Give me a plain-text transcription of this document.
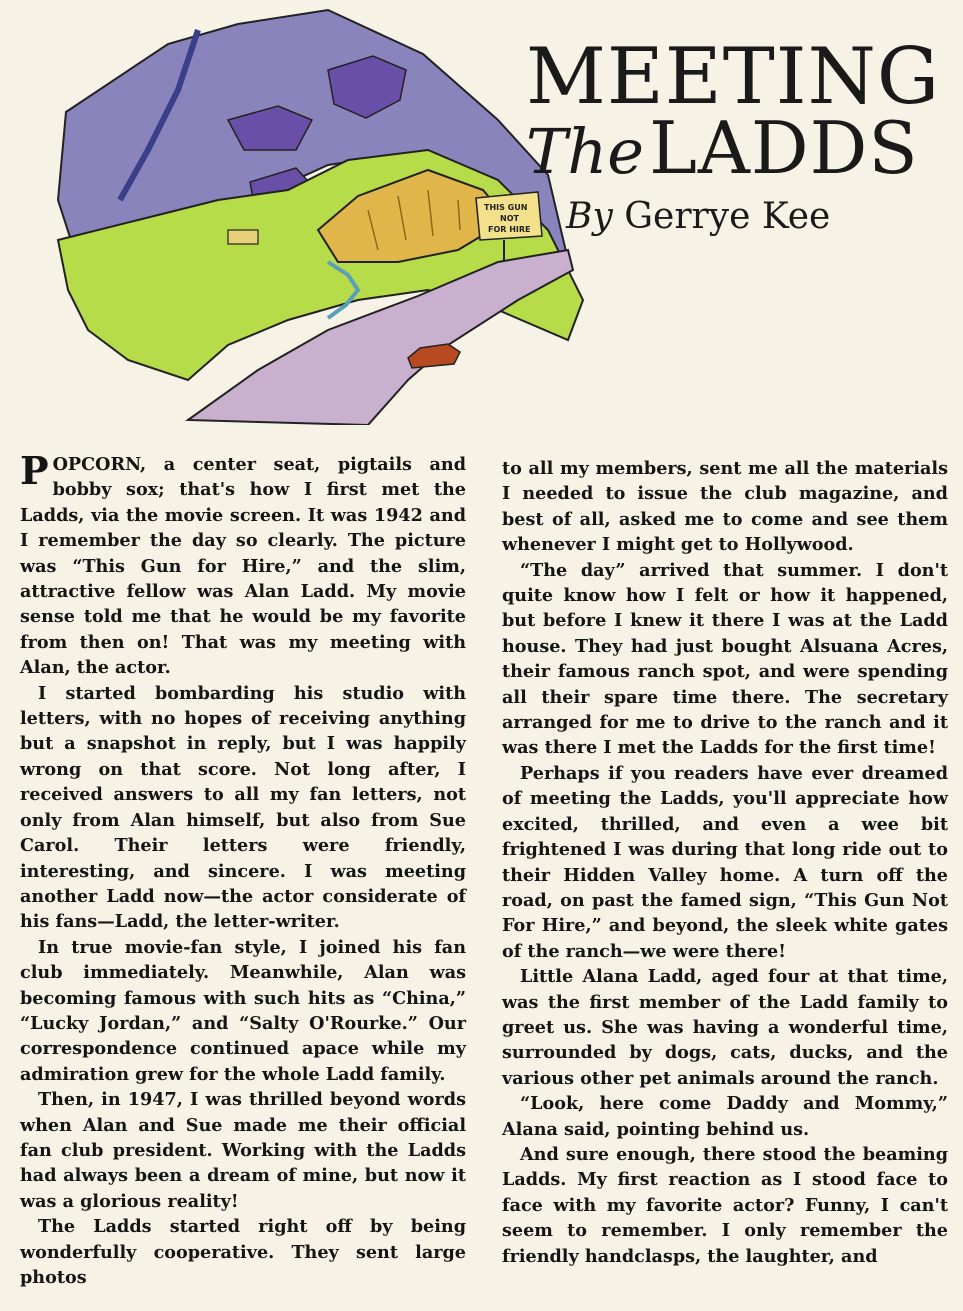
THIS GUN
NOT
FOR HIRE
MEETING
The LADDS
By Gerrye Kee

POPCORN, a center seat, pigtails and bobby sox; that's how I first met the Ladds, via the movie screen. It was 1942 and I remember the day so clearly. The picture was “This Gun for Hire,” and the slim, attractive fellow was Alan Ladd. My movie sense told me that he would be my favorite from then on! That was my meeting with Alan, the actor.

I started bombarding his studio with letters, with no hopes of receiving anything but a snapshot in reply, but I was happily wrong on that score. Not long after, I received answers to all my fan letters, not only from Alan himself, but also from Sue Carol. Their letters were friendly, interesting, and sincere. I was meeting another Ladd now—the actor considerate of his fans—Ladd, the letter-writer.

In true movie-fan style, I joined his fan club immediately. Meanwhile, Alan was becoming famous with such hits as “China,” “Lucky Jordan,” and “Salty O'Rourke.” Our correspondence continued apace while my admiration grew for the whole Ladd family.

Then, in 1947, I was thrilled beyond words when Alan and Sue made me their official fan club president. Working with the Ladds had always been a dream of mine, but now it was a glorious reality!

The Ladds started right off by being wonderfully cooperative. They sent large photos

to all my members, sent me all the materials I needed to issue the club magazine, and best of all, asked me to come and see them whenever I might get to Hollywood.

“The day” arrived that summer. I don't quite know how I felt or how it happened, but before I knew it there I was at the Ladd house. They had just bought Alsuana Acres, their famous ranch spot, and were spending all their spare time there. The secretary arranged for me to drive to the ranch and it was there I met the Ladds for the first time!

Perhaps if you readers have ever dreamed of meeting the Ladds, you'll appreciate how excited, thrilled, and even a wee bit frightened I was during that long ride out to their Hidden Valley home. A turn off the road, on past the famed sign, “This Gun Not For Hire,” and beyond, the sleek white gates of the ranch—we were there!

Little Alana Ladd, aged four at that time, was the first member of the Ladd family to greet us. She was having a wonderful time, surrounded by dogs, cats, ducks, and the various other pet animals around the ranch.

“Look, here come Daddy and Mommy,” Alana said, pointing behind us.

And sure enough, there stood the beaming Ladds. My first reaction as I stood face to face with my favorite actor? Funny, I can't seem to remember. I only remember the friendly handclasps, the laughter, and
